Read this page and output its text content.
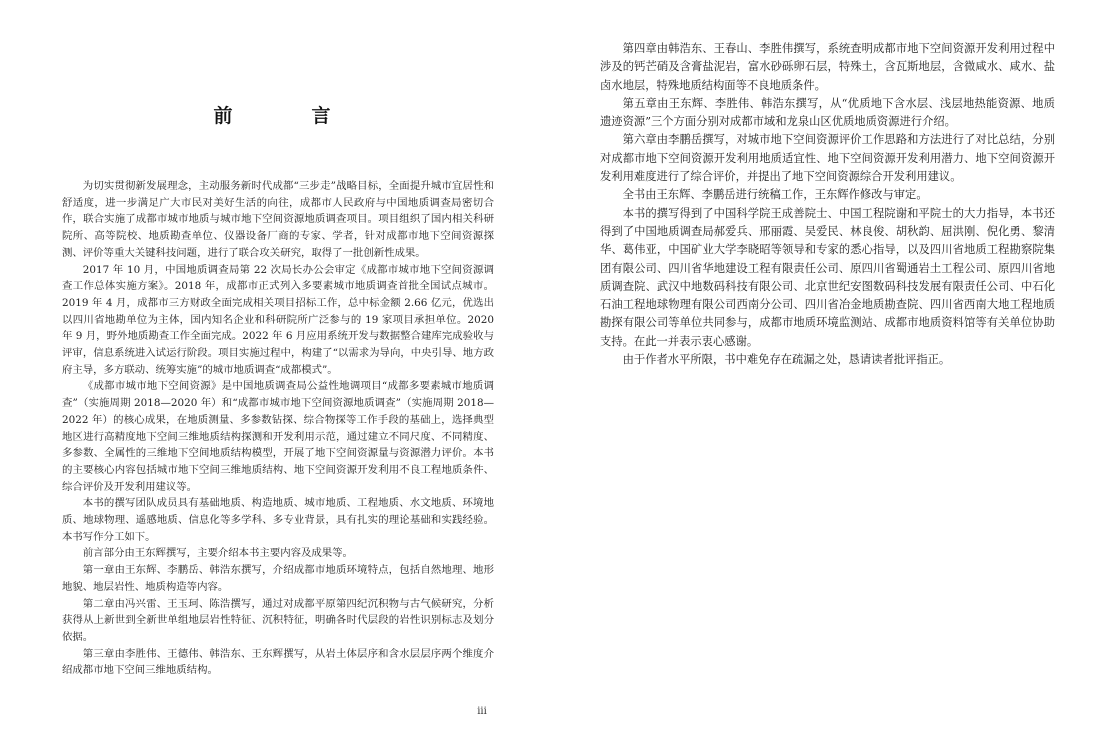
前　言

为切实贯彻新发展理念，主动服务新时代成都“三步走”战略目标，全面提升城市宜居性和舒适度，进一步满足广大市民对美好生活的向往，成都市人民政府与中国地质调查局密切合作，联合实施了成都市城市地质与城市地下空间资源地质调查项目。项目组织了国内相关科研院所、高等院校、地质勘查单位、仪器设备厂商的专家、学者，针对成都市地下空间资源探测、评价等重大关键科技问题，进行了联合攻关研究，取得了一批创新性成果。

2017 年 10 月，中国地质调查局第 22 次局长办公会审定《成都市城市地下空间资源调查工作总体实施方案》。2018 年，成都市正式列入多要素城市地质调查首批全国试点城市。2019 年 4 月，成都市三方财政全面完成相关项目招标工作，总中标金额 2.66 亿元，优选出以四川省地勘单位为主体，国内知名企业和科研院所广泛参与的 19 家项目承担单位。2020 年 9 月，野外地质勘查工作全面完成。2022 年 6 月应用系统开发与数据整合建库完成验收与评审，信息系统进入试运行阶段。项目实施过程中，构建了“以需求为导向，中央引导、地方政府主导，多方联动、统筹实施”的城市地质调查“成都模式”。

《成都市城市地下空间资源》是中国地质调查局公益性地调项目“成都多要素城市地质调查”（实施周期 2018—2020 年）和“成都市城市地下空间资源地质调查”（实施周期 2018—2022 年）的核心成果，在地质测量、多参数钻探、综合物探等工作手段的基础上，选择典型地区进行高精度地下空间三维地质结构探测和开发利用示范，通过建立不同尺度、不同精度、多参数、全属性的三维地下空间地质结构模型，开展了地下空间资源量与资源潜力评价。本书的主要核心内容包括城市地下空间三维地质结构、地下空间资源开发利用不良工程地质条件、综合评价及开发利用建议等。

本书的撰写团队成员具有基础地质、构造地质、城市地质、工程地质、水文地质、环境地质、地球物理、遥感地质、信息化等多学科、多专业背景，具有扎实的理论基础和实践经验。本书写作分工如下。

前言部分由王东辉撰写，主要介绍本书主要内容及成果等。

第一章由王东辉、李鹏岳、韩浩东撰写，介绍成都市地质环境特点，包括自然地理、地形地貌、地层岩性、地质构造等内容。

第二章由冯兴雷、王玉珂、陈浩撰写，通过对成都平原第四纪沉积物与古气候研究，分析获得从上新世到全新世单组地层岩性特征、沉积特征，明确各时代层段的岩性识别标志及划分依据。

第三章由李胜伟、王德伟、韩浩东、王东辉撰写，从岩土体层序和含水层层序两个维度介绍成都市地下空间三维地质结构。

第四章由韩浩东、王春山、李胜伟撰写，系统查明成都市地下空间资源开发利用过程中涉及的钙芒硝及含膏盐泥岩，富水砂砾卵石层，特殊土，含瓦斯地层，含微咸水、咸水、盐卤水地层，特殊地质结构面等不良地质条件。

第五章由王东辉、李胜伟、韩浩东撰写，从“优质地下含水层、浅层地热能资源、地质遗迹资源”三个方面分别对成都市域和龙泉山区优质地质资源进行介绍。

第六章由李鹏岳撰写，对城市地下空间资源评价工作思路和方法进行了对比总结，分别对成都市地下空间资源开发利用地质适宜性、地下空间资源开发利用潜力、地下空间资源开发利用难度进行了综合评价，并提出了地下空间资源综合开发利用建议。

全书由王东辉、李鹏岳进行统稿工作，王东辉作修改与审定。

本书的撰写得到了中国科学院王成善院士、中国工程院谢和平院士的大力指导，本书还得到了中国地质调查局郝爱兵、邢丽霞、吴爱民、林良俊、胡秋韵、屈洪刚、倪化勇、黎清华、葛伟亚，中国矿业大学李晓昭等领导和专家的悉心指导，以及四川省地质工程勘察院集团有限公司、四川省华地建设工程有限责任公司、原四川省蜀通岩土工程公司、原四川省地质调查院、武汉中地数码科技有限公司、北京世纪安图数码科技发展有限责任公司、中石化石油工程地球物理有限公司西南分公司、四川省冶金地质勘查院、四川省西南大地工程地质勘探有限公司等单位共同参与，成都市地质环境监测站、成都市地质资料馆等有关单位协助支持。在此一并表示衷心感谢。

由于作者水平所限，书中难免存在疏漏之处，恳请读者批评指正。

iii
